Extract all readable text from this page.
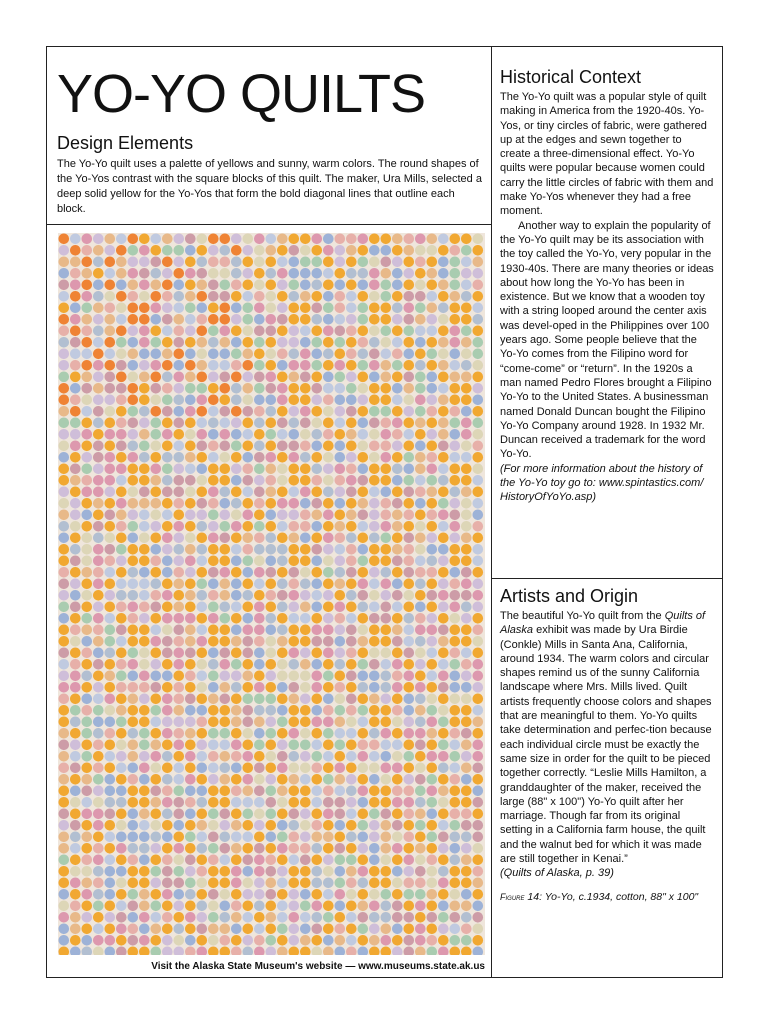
YO-YO QUILTS
Design Elements

The Yo-Yo quilt uses a palette of yellows and sunny, warm colors. The round shapes of the Yo-Yos contrast with the square blocks of this quilt. The maker, Ura Mills, selected a deep solid yellow for the Yo-Yos that form the bold diagonal lines that outline each block.

Visit the Alaska State Museum's website — www.museums.state.ak.us

Historical Context

The Yo-Yo quilt was a popular style of quilt making in America from the 1920-40s. Yo-Yos, or tiny circles of fabric, were gathered up at the edges and sewn together to create a three-dimensional effect. Yo-Yo quilts were popular because women could carry the little circles of fabric with them and make Yo-Yos whenever they had a free moment.

Another way to explain the popularity of the Yo-Yo quilt may be its association with the toy called the Yo-Yo, very popular in the 1930-40s. There are many theories or ideas about how long the Yo-Yo has been in existence. But we know that a wooden toy with a string looped around the center axis was devel-oped in the Philippines over 100 years ago. Some people believe that the Yo-Yo comes from the Filipino word for “come-come” or “return”. In the 1920s a man named Pedro Flores brought a Filipino Yo-Yo to the United States. A businessman named Donald Duncan bought the Filipino Yo-Yo Company around 1928. In 1932 Mr. Duncan received a trademark for the word Yo-Yo.

(For more information about the history of the Yo-Yo toy go to: www.spintastics.com/ HistoryOfYoYo.asp)

Artists and Origin

The beautiful Yo-Yo quilt from the Quilts of Alaska exhibit was made by Ura Birdie (Conkle) Mills in Santa Ana, California, around 1934. The warm colors and circular shapes remind us of the sunny California landscape where Mrs. Mills lived. Quilt artists frequently choose colors and shapes that are meaningful to them. Yo-Yo quilts take determination and perfec-tion because each individual circle must be exactly the same size in order for the quilt to be pieced together correctly. “Leslie Mills Hamilton, a granddaughter of the maker, received the large (88" x 100") Yo-Yo quilt after her marriage. Though far from its original setting in a California farm house, the quilt and the walnut bed for which it was made are still together in Kenai.”

(Quilts of Alaska, p. 39)

Figure 14: Yo-Yo, c.1934, cotton, 88" x 100"
